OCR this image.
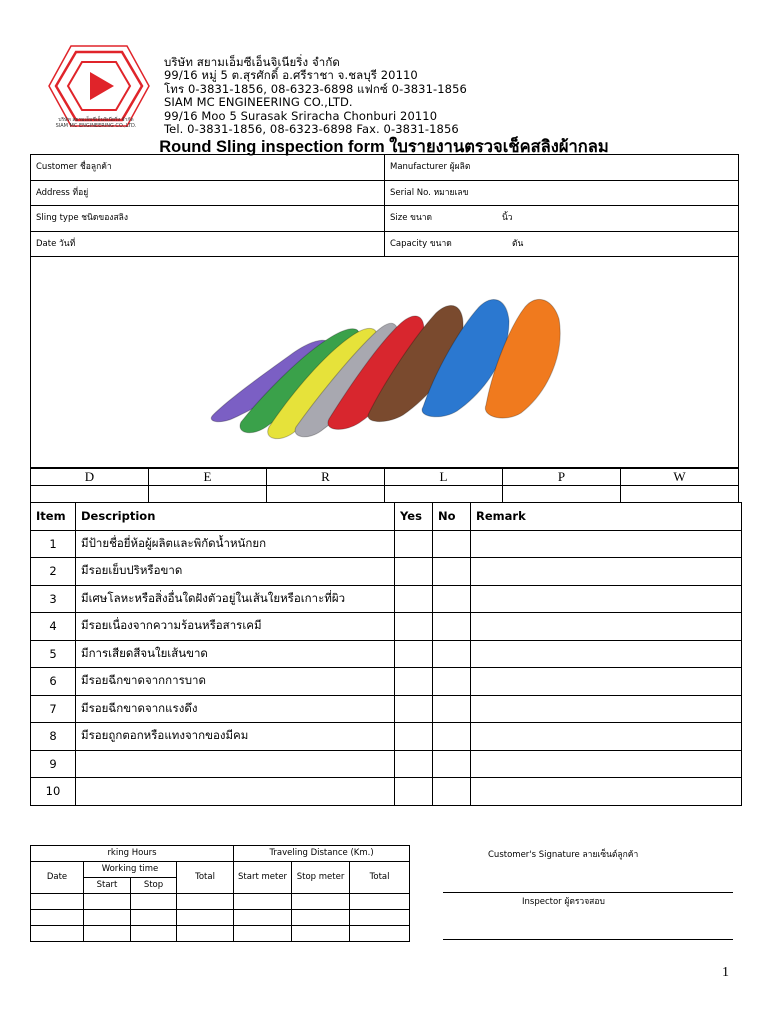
บริษัท สยามเอ็มซีเอ็นจิเนียริ่ง จำกัด
SIAM MC ENGINEERING CO.,LTD.
บริษัท สยามเอ็มซีเอ็นจิเนียริ่ง จำกัด
99/16 หมู่ 5 ต.สุรศักดิ์ อ.ศรีราชา จ.ชลบุรี 20110
โทร 0-3831-1856, 08-6323-6898 แฟกซ์ 0-3831-1856
SIAM MC ENGINEERING CO.,LTD.
99/16 Moo 5 Surasak Sriracha Chonburi 20110
Tel. 0-3831-1856, 08-6323-6898 Fax. 0-3831-1856
Round Sling inspection form ใบรายงานตรวจเช็คสลิงผ้ากลม
Customer ชื่อลูกค้า	Manufacturer ผู้ผลิต
Address ที่อยู่	Serial No. หมายเลข
Sling type ชนิดของสลิง	Size ขนาด นิ้ว

Date วันที่	Capacity ขนาด ตัน
D	E	R	L	P	W

Item	Description	Yes	No	Remark
1	มีป้ายชื่อยี่ห้อผู้ผลิตและพิกัดน้ำหนักยก			
2	มีรอยเย็บปริหรือขาด			
3	มีเศษโลหะหรือสิ่งอื่นใดฝังตัวอยู่ในเส้นใยหรือเกาะที่ผิว			
4	มีรอยเนื่องจากความร้อนหรือสารเคมี			
5	มีการเสียดสีจนใยเส้นขาด			
6	มีรอยฉีกขาดจากการบาด			
7	มีรอยฉีกขาดจากแรงดึง			
8	มีรอยถูกตอกหรือแทงจากของมีคม			
9				
10				
rking Hours				Traveling Distance (Km.)		
Date	Working time		Total	Start meter	Stop meter	Total
	Start	Stop				

Customer's Signature ลายเซ็นต์ลูกค้า
Inspector ผู้ตรวจสอบ
1
